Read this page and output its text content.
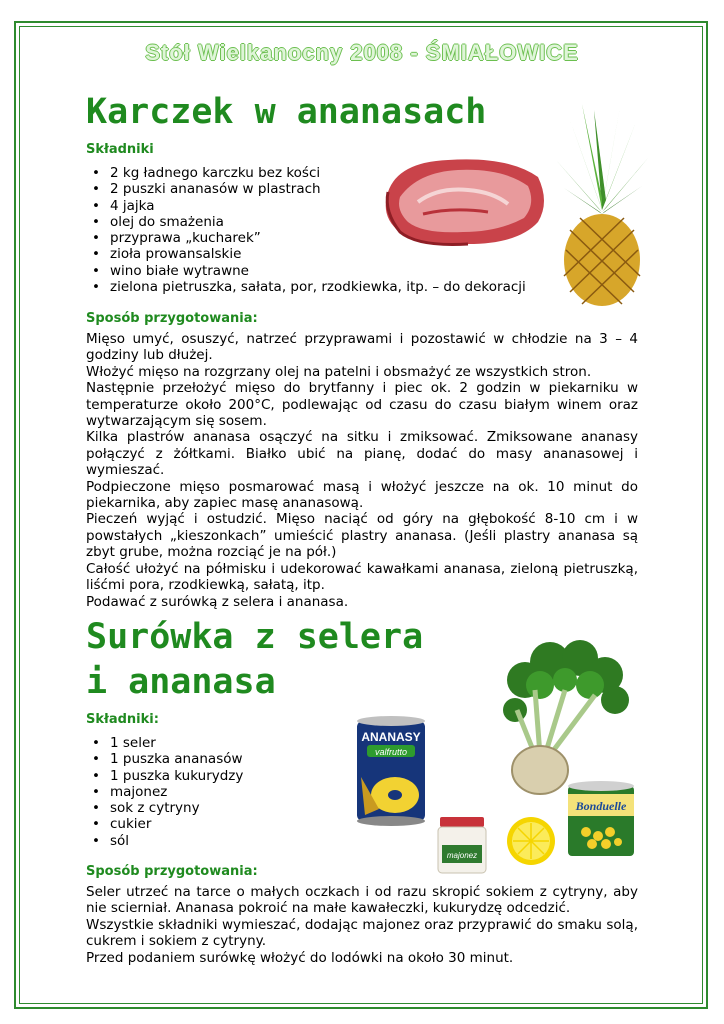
Stół Wielkanocny 2008 - ŚMIAŁOWICE
Karczek w ananasach
Składniki
• 2 kg ładnego karczku bez kości
• 2 puszki ananasów w plastrach
• 4 jajka
• olej do smażenia
• przyprawa „kucharek”
• zioła prowansalskie
• wino białe wytrawne
• zielona pietruszka, sałata, por, rzodkiewka, itp. – do dekoracji
Sposób przygotowania:

Mięso umyć, osuszyć, natrzeć przyprawami i pozostawić w chłodzie na 3 – 4 godziny lub dłużej.

Włożyć mięso na rozgrzany olej na patelni i obsmażyć ze wszystkich stron.

Następnie przełożyć mięso do brytfanny i piec ok. 2 godzin w piekarniku w temperaturze około 200°C, podlewając od czasu do czasu białym winem oraz wytwarzającym się sosem.

Kilka plastrów ananasa osączyć na sitku i zmiksować. Zmiksowane ananasy połączyć z żółtkami. Białko ubić na pianę, dodać do masy ananasowej i wymieszać.

Podpieczone mięso posmarować masą i włożyć jeszcze na ok. 10 minut do piekarnika, aby zapiec masę ananasową.

Pieczeń wyjąć i ostudzić. Mięso naciąć od góry na głębokość 8-10 cm i w powstałych „kieszonkach” umieścić plastry ananasa. (Jeśli plastry ananasa są zbyt grube, można rozciąć je na pół.)

Całość ułożyć na półmisku i udekorować kawałkami ananasa, zieloną pietruszką, liśćmi pora, rzodkiewką, sałatą, itp.

Podawać z surówką z selera i ananasa.

Surówka z selera
i ananasa
Składniki:
• 1 seler
• 1 puszka ananasów
• 1 puszka kukurydzy
• majonez
• sok z cytryny
• cukier
• sól
Sposób przygotowania:

Seler utrzeć na tarce o małych oczkach i od razu skropić sokiem z cytryny, aby nie scierniał. Ananasa pokroić na małe kawałeczki, kukurydzę odcedzić.

Wszystkie składniki wymieszać, dodając majonez oraz przyprawić do smaku solą, cukrem i sokiem z cytryny.

Przed podaniem surówkę włożyć do lodówki na około 30 minut.

ANANASY
valfrutto
Bonduelle
majonez
